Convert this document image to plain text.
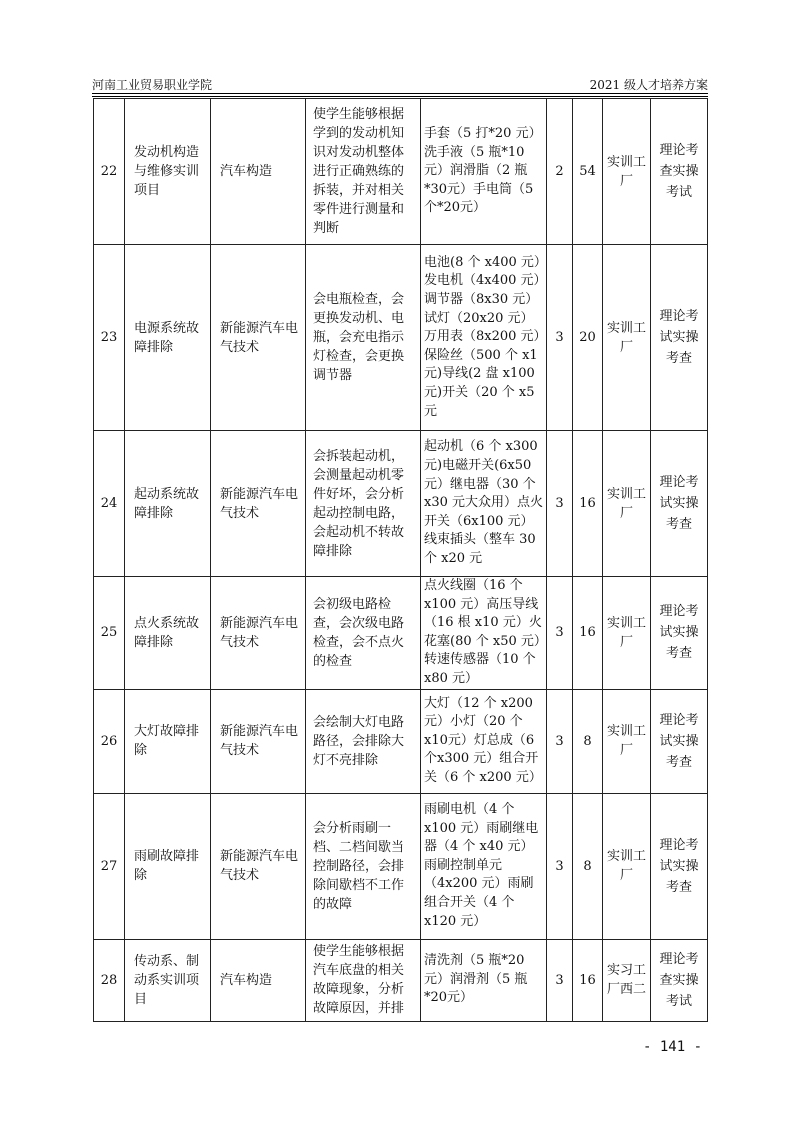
河南工业贸易职业学院	2021 级人才培养方案
22	发动机构造与维修实训项目	汽车构造	使学生能够根据学到的发动机知识对发动机整体进行正确熟练的拆装，并对相关零件进行测量和判断	手套（5 打*20 元）洗手液（5 瓶*10元）润滑脂（2 瓶*30元）手电筒（5 个*20元）	2	54	实训工厂	理论考查实操考试
23	电源系统故障排除	新能源汽车电气技术	会电瓶检查，会更换发动机、电瓶，会充电指示灯检查，会更换调节器	电池(8 个 x400 元）发电机（4x400 元）调节器（8x30 元）试灯（20x20 元）万用表（8x200 元）保险丝（500 个 x1元)导线(2 盘 x100元)开关（20 个 x5元	3	20	实训工厂	理论考试实操考查
24	起动系统故障排除	新能源汽车电气技术	会拆装起动机，会测量起动机零件好坏，会分析起动控制电路，会起动机不转故障排除	起动机（6 个 x300元)电磁开关(6x50元）继电器（30 个x30 元大众用）点火开关（6x100 元）线束插头（整车 30个 x20 元	3	16	实训工厂	理论考试实操考查
25	点火系统故障排除	新能源汽车电气技术	会初级电路检查，会次级电路检查，会不点火的检查	点火线圈（16 个x100 元）高压导线（16 根 x10 元）火花塞(80 个 x50 元）转速传感器（10 个x80 元）	3	16	实训工厂	理论考试实操考查
26	大灯故障排除	新能源汽车电气技术	会绘制大灯电路路径，会排除大灯不亮排除	大灯（12 个 x200元）小灯（20 个 x10元）灯总成（6 个x300 元）组合开关（6 个 x200 元）	3	8	实训工厂	理论考试实操考查
27	雨刷故障排除	新能源汽车电气技术	会分析雨刷一档、二档间歇当控制路径，会排除间歇档不工作的故障	雨刷电机（4 个x100 元）雨刷继电器（4 个 x40 元）雨刷控制单元（4x200 元）雨刷组合开关（4 个x120 元）	3	8	实训工厂	理论考试实操考查
28	传动系、制动系实训项目	汽车构造	使学生能够根据汽车底盘的相关故障现象，分析故障原因，并排	清洗剂（5 瓶*20元）润滑剂（5 瓶*20元）	3	16	实习工厂西二	理论考查实操考试
- 141 -
